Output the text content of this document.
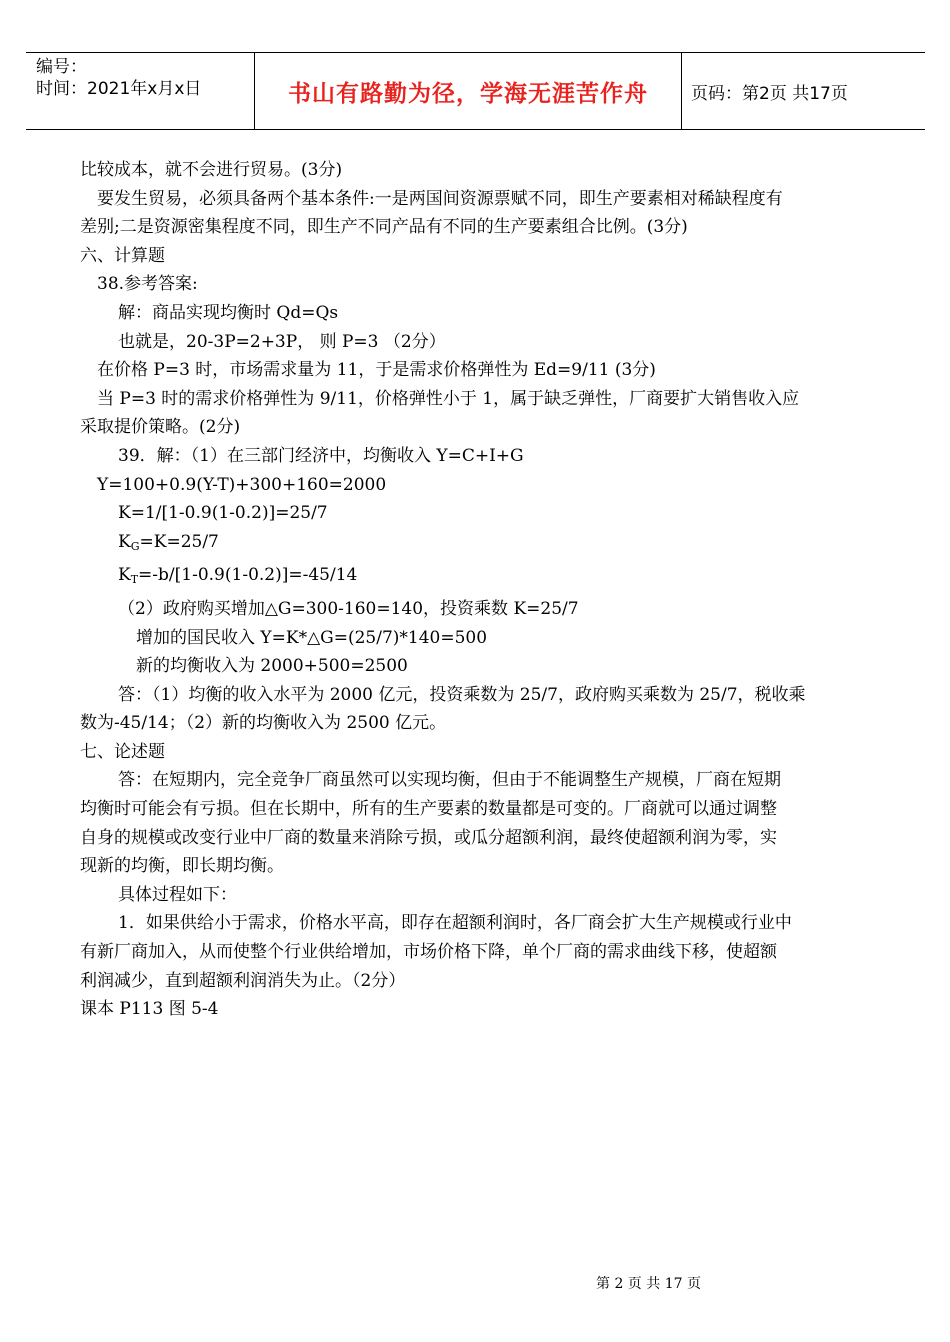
编号：
时间：2021年x月x日	书山有路勤为径，学海无涯苦作舟	页码：第2页 共17页
比较成本，就不会进行贸易。(3分)
要发生贸易，必须具备两个基本条件:一是两国间资源票赋不同，即生产要素相对稀缺程度有
差别;二是资源密集程度不同，即生产不同产品有不同的生产要素组合比例。(3分)
六、计算题
38.参考答案:
解：商品实现均衡时 Qd=Qs
也就是，20-3P=2+3P， 则 P=3 （2分）
在价格 P=3 时，市场需求量为 11，于是需求价格弹性为 Ed=9/11 (3分)
当 P=3 时的需求价格弹性为 9/11，价格弹性小于 1，属于缺乏弹性，厂商要扩大销售收入应
采取提价策略。(2分)
39．解：（1）在三部门经济中，均衡收入 Y=C+I+G
Y=100+0.9(Y-T)+300+160=2000
K=1/[1-0.9(1-0.2)]=25/7
$K_G=K=25/7$
$K_T=-b/[1-0.9(1-0.2)]=-45/14$
（2）政府购买增加△G=300-160=140，投资乘数 K=25/7
增加的国民收入 Y=K*△G=(25/7)*140=500
新的均衡收入为 2000+500=2500
答：（1）均衡的收入水平为 2000 亿元，投资乘数为 25/7，政府购买乘数为 25/7，税收乘
数为-45/14；（2）新的均衡收入为 2500 亿元。
七、论述题
答：在短期内，完全竞争厂商虽然可以实现均衡，但由于不能调整生产规模，厂商在短期
均衡时可能会有亏损。但在长期中，所有的生产要素的数量都是可变的。厂商就可以通过调整
自身的规模或改变行业中厂商的数量来消除亏损，或瓜分超额利润，最终使超额利润为零，实
现新的均衡，即长期均衡。
具体过程如下：
1．如果供给小于需求，价格水平高，即存在超额利润时，各厂商会扩大生产规模或行业中
有新厂商加入，从而使整个行业供给增加，市场价格下降，单个厂商的需求曲线下移，使超额
利润减少，直到超额利润消失为止。（2分）
课本 P113 图 5-4
第 2 页 共 17 页
